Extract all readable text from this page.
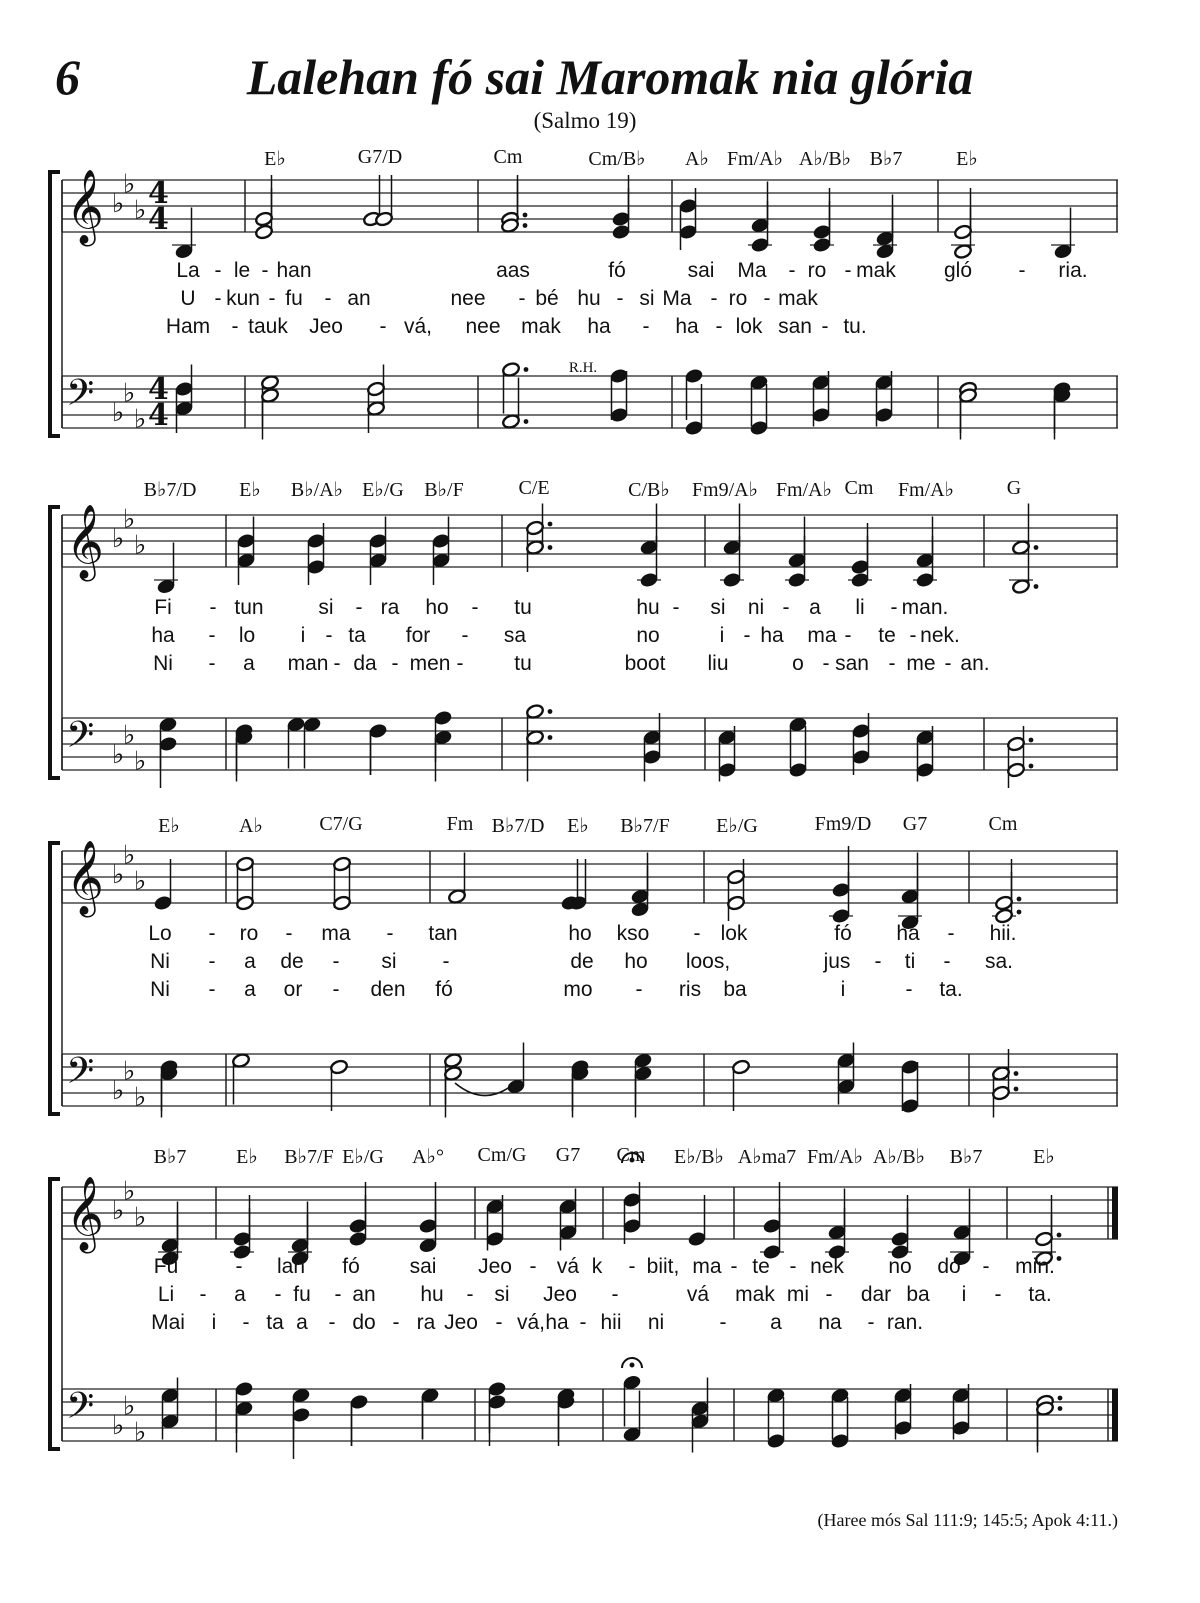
6	Lalehan fó sai Maromak nia glória
(Salmo 19)
𝄞 ♭
♭
♭ 4
4
𝄢 ♭
♭
♭
4
4
𝄞 ♭
♭
♭
𝄢 ♭
♭
♭
𝄞 ♭
♭
♭
𝄢 ♭
♭
♭
𝄞 ♭
♭
♭
𝄢 ♭
♭
♭
E♭	G7/D	Cm	Cm/B♭ A♭ Fm/A♭ A♭/B♭ B♭7	E♭
La - le - han	aas	fó	sai Ma - ro - mak gló - ria.
U - kun - fu - an	nee - bé hu - si Ma - ro - mak
Ham - tauk Jeo - vá, nee mak ha - ha - lok san - tu.
B♭7/D E♭ B♭/A♭ E♭/G B♭/F	C/E	C/B♭ Fm9/A♭ Fm/A♭ Cm Fm/A♭	G
Fi - tun	si - ra ho - tu	hu - si ni - a li - man.
ha - lo i - ta for - sa	no	i - ha ma - te - nek.
Ni - a man - da - men - tu	boot liu	o - san - me - an.
E♭	A♭	C7/G	Fm B♭7/D E♭ B♭7/F E♭/G	Fm9/D G7	Cm
Lo - ro - ma - tan	ho kso - lok	fó ha - hii.
Ni - a de - si -	de ho loos,	jus - ti - sa.
Ni - a or - den fó	mo - ris ba	i	- ta.
B♭7 E♭ B♭7/F E♭/G A♭° Cm/G G7 Cm E♭/B♭ A♭ma7 Fm/A♭ A♭/B♭ B♭7	E♭
Fu	- lan fó sai Jeo - vá k - biit, ma - te - nek no do - min.
Li - a - fu - an hu - si Jeo -	vá mak mi - dar ba i - ta.
Mai i - ta a - do - ra Jeo - vá, ha - hii ni	- a na - ran.
R.H.
(Haree mós Sal 111:9; 145:5; Apok 4:11.)
